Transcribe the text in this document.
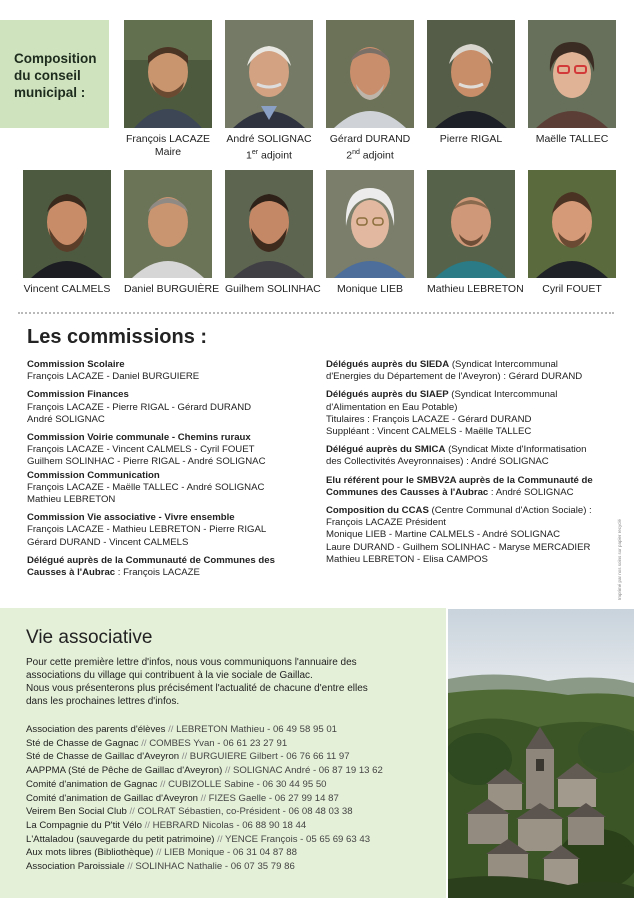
Composition
du conseil
municipal :
François LACAZE
Maire
André SOLIGNAC
1er adjoint
Gérard DURAND
2nd adjoint
Pierre RIGAL	Maëlle TALLEC
Vincent CALMELS Daniel BURGUIÈRE Guilhem SOLINHAC	Monique LIEB	Mathieu LEBRETON	Cyril FOUET
Les commissions :
Commission Scolaire
François LACAZE - Daniel BURGUIERE
Commission Finances
François LACAZE - Pierre RIGAL - Gérard DURAND
André SOLIGNAC
Commission Voirie communale - Chemins ruraux
François LACAZE - Vincent CALMELS - Cyril FOUET
Guilhem SOLINHAC - Pierre RIGAL - André SOLIGNAC
Commission Communication
François LACAZE - Maëlle TALLEC - André SOLIGNAC
Mathieu LEBRETON
Commission Vie associative - Vivre ensemble
François LACAZE - Mathieu LEBRETON - Pierre RIGAL
Gérard DURAND - Vincent CALMELS
Délégué auprès de la Communauté de Communes des
Causses à l'Aubrac : François LACAZE
Délégués auprès du SIEDA (Syndicat Intercommunal
d'Energies du Département de l'Aveyron) : Gérard DURAND
Délégués auprès du SIAEP (Syndicat Intercommunal
d'Alimentation en Eau Potable)
Titulaires : François LACAZE - Gérard DURAND
Suppléant : Vincent CALMELS - Maëlle TALLEC
Délégué auprès du SMICA (Syndicat Mixte d'Informatisation
des Collectivités Aveyronnaises) : André SOLIGNAC
Elu référent pour le SMBV2A auprès de la Communauté de
Communes des Causses à l'Aubrac : André SOLIGNAC
Composition du CCAS (Centre Communal d'Action Sociale) :
François LACAZE Président
Monique LIEB - Martine CALMELS - André SOLIGNAC
Laure DURAND - Guilhem SOLINHAC - Maryse MERCADIER
Mathieu LEBRETON - Elisa CAMPOS	Imprimé par nos soins sur papier recyclé
Vie associative
Pour cette première lettre d'infos, nous vous communiquons l'annuaire des
associations du village qui contribuent à la vie sociale de Gaillac.
Nous vous présenterons plus précisément l'actualité de chacune d'entre elles
dans les prochaines lettres d'infos.
Association des parents d'élèves // LEBRETON Mathieu - 06 49 58 95 01
Sté de Chasse de Gagnac // COMBES Yvan - 06 61 23 27 91
Sté de Chasse de Gaillac d'Aveyron // BURGUIERE Gilbert - 06 76 66 11 97
AAPPMA (Sté de Pêche de Gaillac d'Aveyron) // SOLIGNAC André - 06 87 19 13 62
Comité d'animation de Gagnac // CUBIZOLLE Sabine - 06 30 44 95 50
Comité d'animation de Gaillac d'Aveyron // FIZES Gaelle - 06 27 99 14 87
Veirem Ben Social Club // COLRAT Sébastien, co-Président - 06 08 48 03 38
La Compagnie du P'tit Vélo // HEBRARD Nicolas - 06 88 90 18 44
L'Attaladou (sauvegarde du petit patrimoine) // YENCE François - 05 65 69 63 43
Aux mots libres (Bibliothèque) // LIEB Monique - 06 31 04 87 88
Association Paroissiale // SOLINHAC Nathalie - 06 07 35 79 86
